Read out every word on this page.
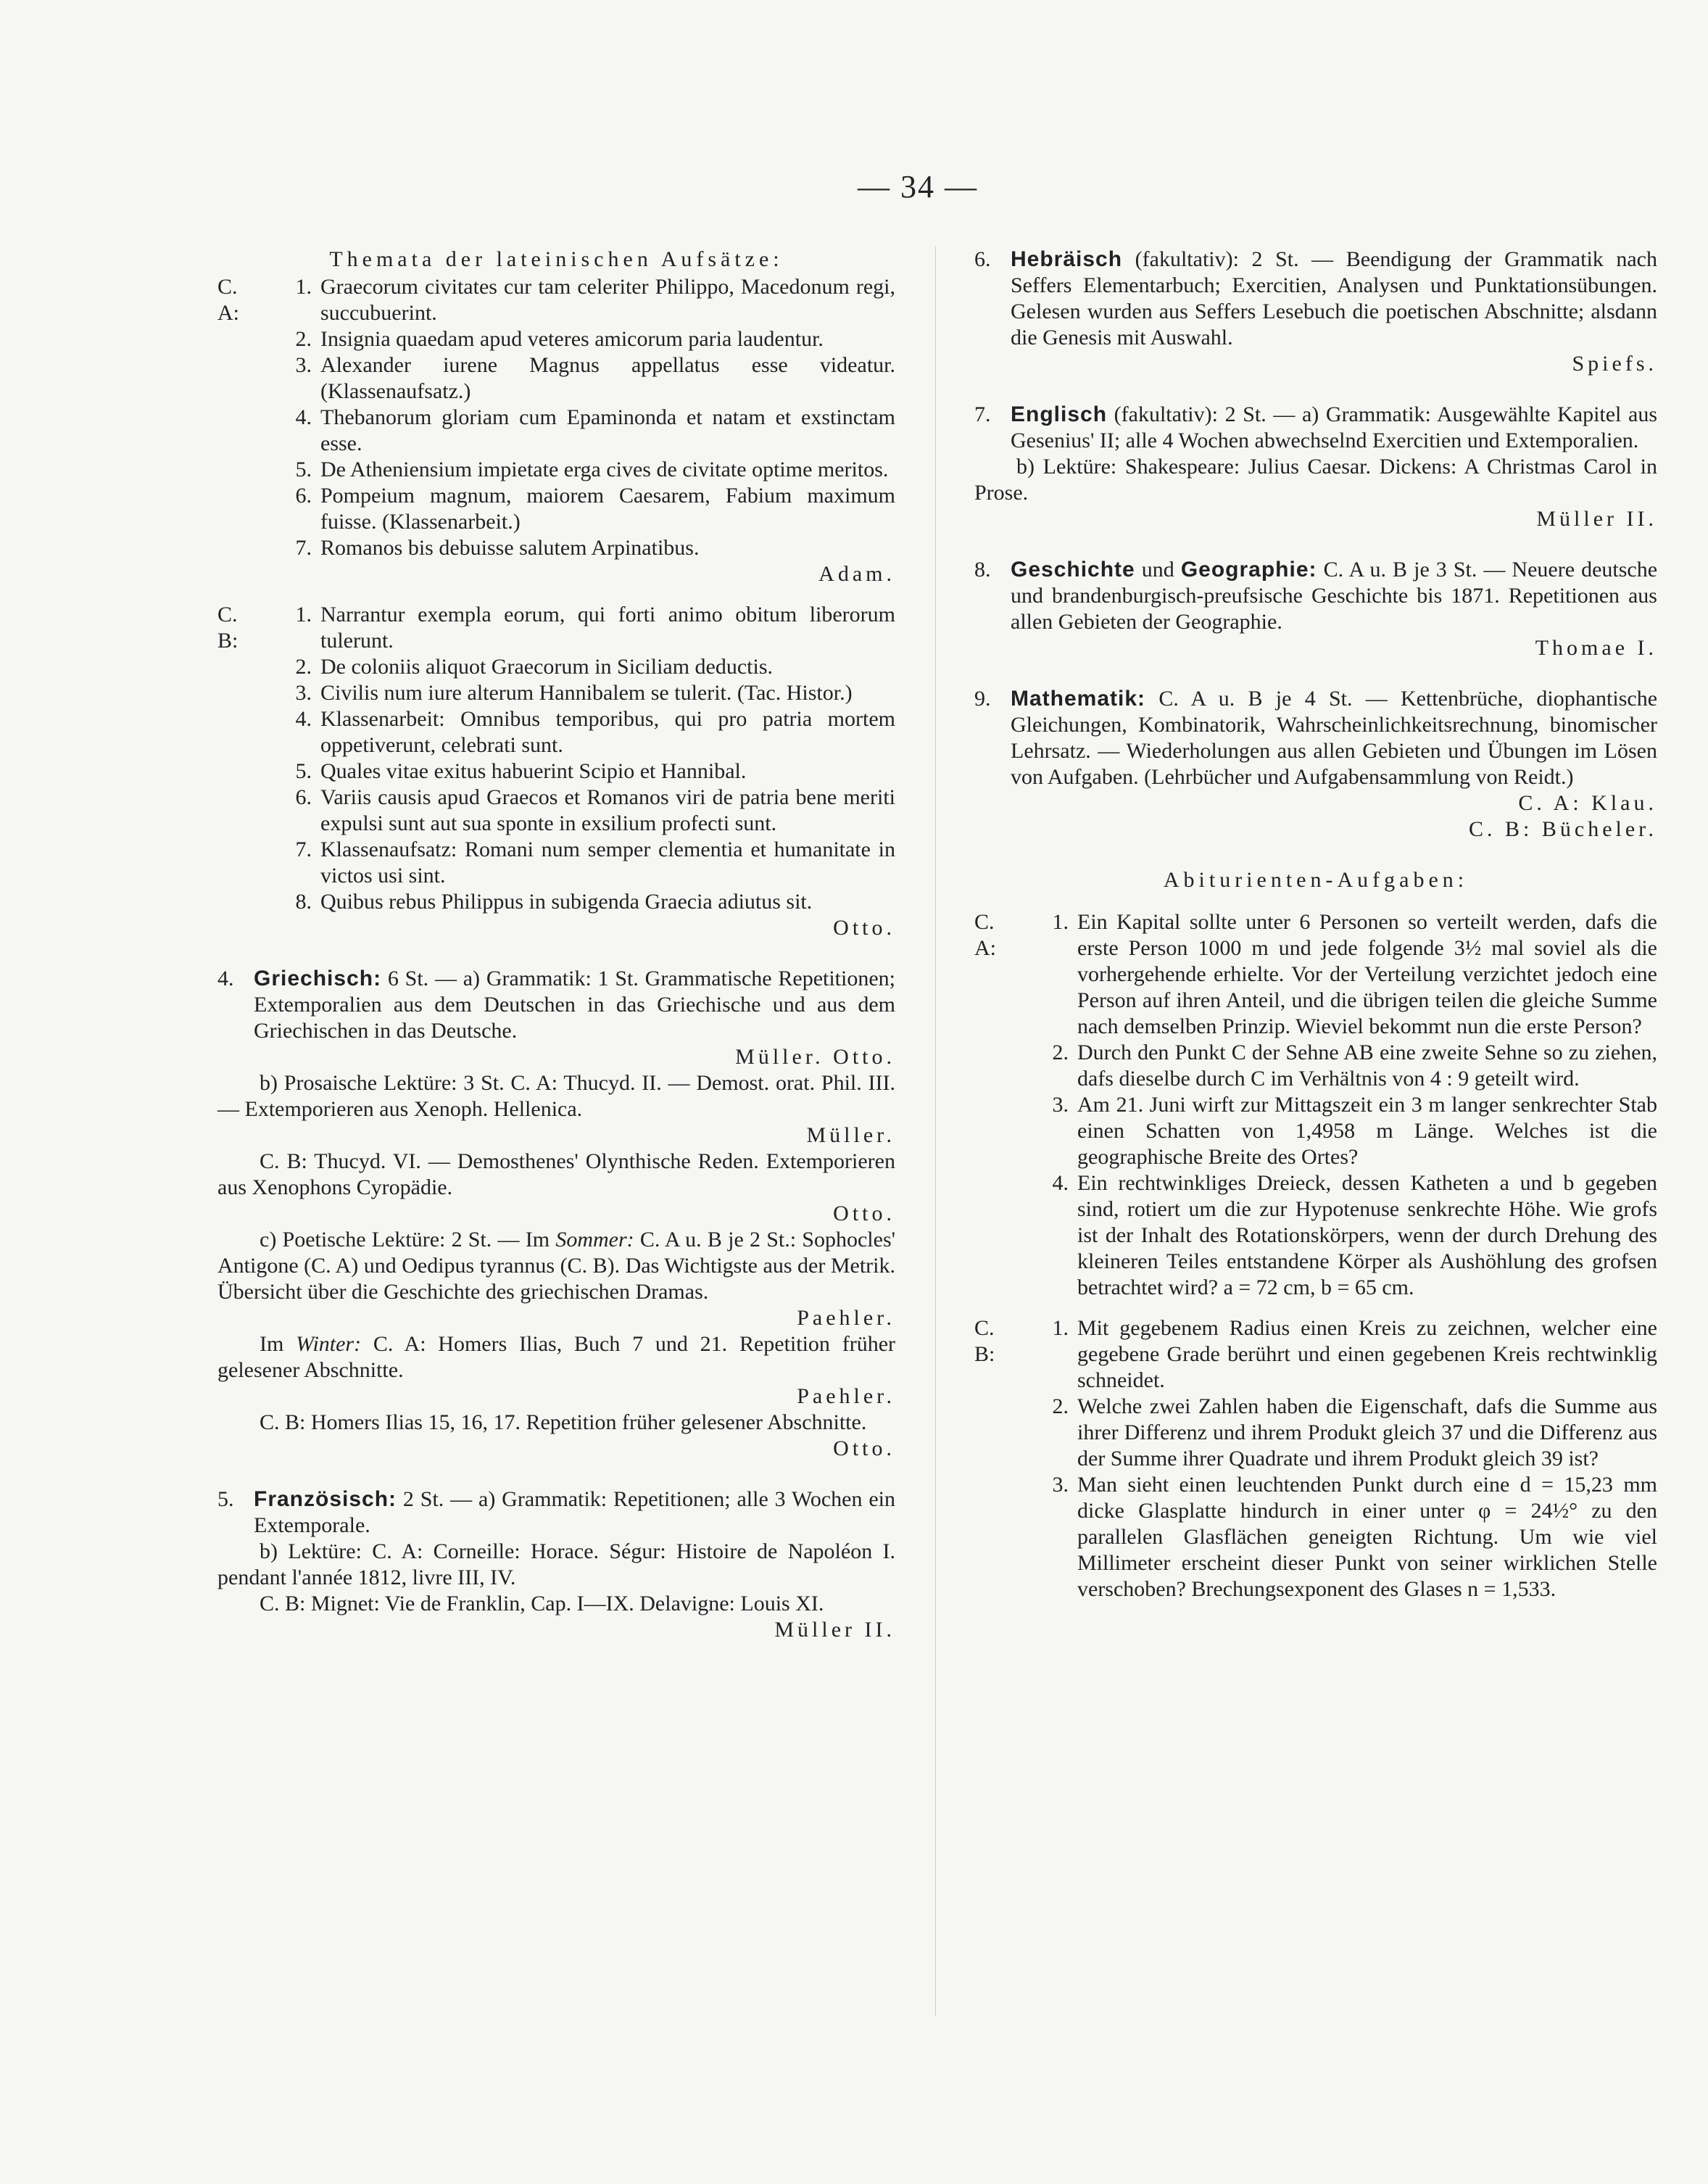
— 34 —
Themata der lateinischen Aufsätze:
C. A:
1. Graecorum civitates cur tam celeriter Philippo, Macedonum regi, succubuerint.
2. Insignia quaedam apud veteres amicorum paria laudentur.
3. Alexander iurene Magnus appellatus esse videatur. (Klassenaufsatz.)
4. Thebanorum gloriam cum Epaminonda et natam et exstinctam esse.
5. De Atheniensium impietate erga cives de civitate optime meritos.
6. Pompeium magnum, maiorem Caesarem, Fabium maximum fuisse. (Klassenarbeit.)
7. Romanos bis debuisse salutem Arpinatibus.
Adam.
C. B:
1. Narrantur exempla eorum, qui forti animo obitum liberorum tulerunt.
2. De coloniis aliquot Graecorum in Siciliam deductis.
3. Civilis num iure alterum Hannibalem se tulerit. (Tac. Histor.)
4. Klassenarbeit: Omnibus temporibus, qui pro patria mortem oppetiverunt, celebrati sunt.
5. Quales vitae exitus habuerint Scipio et Hannibal.
6. Variis causis apud Graecos et Romanos viri de patria bene meriti expulsi sunt aut sua sponte in exsilium profecti sunt.
7. Klassenaufsatz: Romani num semper clementia et humanitate in victos usi sint.
8. Quibus rebus Philippus in subigenda Graecia adiutus sit.
Otto.
4. Griechisch: 6 St. — a) Grammatik: 1 St. Grammatische Repetitionen; Extemporalien aus dem Deutschen in das Griechische und aus dem Griechischen in das Deutsche.
Müller. Otto.
b) Prosaische Lektüre: 3 St. C. A: Thucyd. II. — Demost. orat. Phil. III. — Extemporieren aus Xenoph. Hellenica.
Müller.
C. B: Thucyd. VI. — Demosthenes' Olynthische Reden. Extemporieren aus Xenophons Cyropädie.
Otto.
c) Poetische Lektüre: 2 St. — Im Sommer: C. A u. B je 2 St.: Sophocles' Antigone (C. A) und Oedipus tyrannus (C. B). Das Wichtigste aus der Metrik. Übersicht über die Geschichte des griechischen Dramas.
Paehler.
Im Winter: C. A: Homers Ilias, Buch 7 und 21. Repetition früher gelesener Abschnitte.
Paehler.
C. B: Homers Ilias 15, 16, 17. Repetition früher gelesener Abschnitte.
Otto.
5. Französisch: 2 St. — a) Grammatik: Repetitionen; alle 3 Wochen ein Extemporale.
b) Lektüre: C. A: Corneille: Horace. Ségur: Histoire de Napoléon I. pendant l'année 1812, livre III, IV.
C. B: Mignet: Vie de Franklin, Cap. I—IX. Delavigne: Louis XI.
Müller II.
6. Hebräisch (fakultativ): 2 St. — Beendigung der Grammatik nach Seffers Elementarbuch; Exercitien, Analysen und Punktationsübungen. Gelesen wurden aus Seffers Lesebuch die poetischen Abschnitte; alsdann die Genesis mit Auswahl.
Spiefs.
7. Englisch (fakultativ): 2 St. — a) Grammatik: Ausgewählte Kapitel aus Gesenius' II; alle 4 Wochen abwechselnd Exercitien und Extemporalien.
b) Lektüre: Shakespeare: Julius Caesar. Dickens: A Christmas Carol in Prose.
Müller II.
8. Geschichte und Geographie: C. A u. B je 3 St. — Neuere deutsche und brandenburgisch-preufsische Geschichte bis 1871. Repetitionen aus allen Gebieten der Geographie.
Thomae I.
9. Mathematik: C. A u. B je 4 St. — Kettenbrüche, diophantische Gleichungen, Kombinatorik, Wahrscheinlichkeitsrechnung, binomischer Lehrsatz. — Wiederholungen aus allen Gebieten und Übungen im Lösen von Aufgaben. (Lehrbücher und Aufgabensammlung von Reidt.)
C. A: Klau.
C. B: Bücheler.
Abiturienten-Aufgaben:
C. A:
1. Ein Kapital sollte unter 6 Personen so verteilt werden, dafs die erste Person 1000 m und jede folgende 3½ mal soviel als die vorhergehende erhielte. Vor der Verteilung verzichtet jedoch eine Person auf ihren Anteil, und die übrigen teilen die gleiche Summe nach demselben Prinzip. Wieviel bekommt nun die erste Person?
2. Durch den Punkt C der Sehne AB eine zweite Sehne so zu ziehen, dafs dieselbe durch C im Verhältnis von 4 : 9 geteilt wird.
3. Am 21. Juni wirft zur Mittagszeit ein 3 m langer senkrechter Stab einen Schatten von 1,4958 m Länge. Welches ist die geographische Breite des Ortes?
4. Ein rechtwinkliges Dreieck, dessen Katheten a und b gegeben sind, rotiert um die zur Hypotenuse senkrechte Höhe. Wie grofs ist der Inhalt des Rotationskörpers, wenn der durch Drehung des kleineren Teiles entstandene Körper als Aushöhlung des grofsen betrachtet wird? a = 72 cm, b = 65 cm.
C. B:
1. Mit gegebenem Radius einen Kreis zu zeichnen, welcher eine gegebene Grade berührt und einen gegebenen Kreis rechtwinklig schneidet.
2. Welche zwei Zahlen haben die Eigenschaft, dafs die Summe aus ihrer Differenz und ihrem Produkt gleich 37 und die Differenz aus der Summe ihrer Quadrate und ihrem Produkt gleich 39 ist?
3. Man sieht einen leuchtenden Punkt durch eine d = 15,23 mm dicke Glasplatte hindurch in einer unter φ = 24½° zu den parallelen Glasflächen geneigten Richtung. Um wie viel Millimeter erscheint dieser Punkt von seiner wirklichen Stelle verschoben? Brechungsexponent des Glases n = 1,533.
